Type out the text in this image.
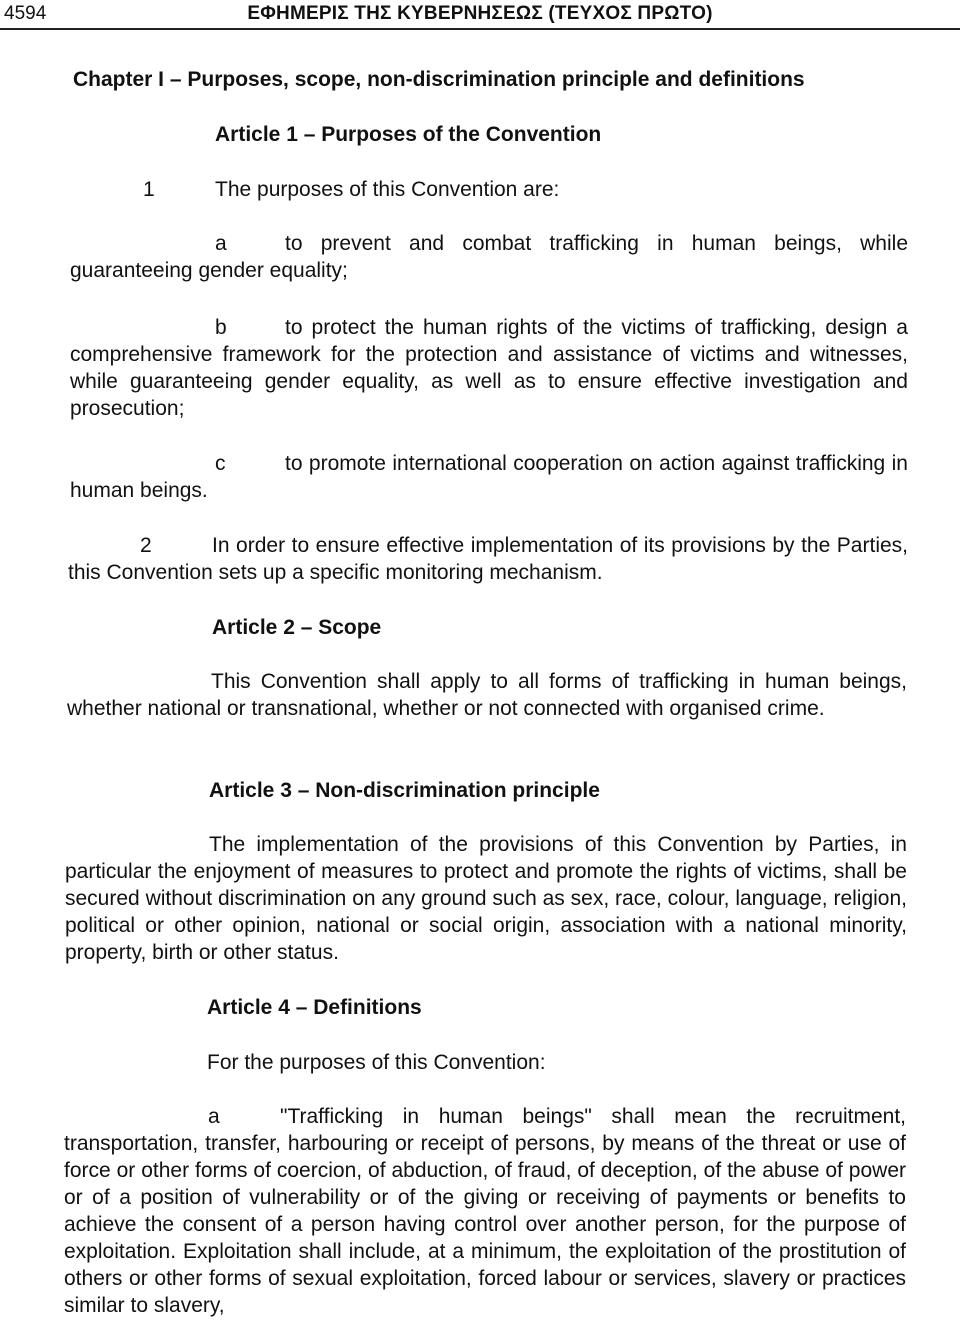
4594	ΕΦΗΜΕΡΙΣ ΤΗΣ ΚΥΒΕΡΝΗΣΕΩΣ (ΤΕΥΧΟΣ ΠΡΩΤΟ)
Chapter I – Purposes, scope, non-discrimination principle and definitions
Article 1 – Purposes of the Convention
1	The purposes of this Convention are:
a	to prevent and combat trafficking in human beings, while guaranteeing gender equality;
b	to protect the human rights of the victims of trafficking, design a comprehensive framework for the protection and assistance of victims and witnesses, while guaranteeing gender equality, as well as to ensure effective investigation and prosecution;
c	to promote international cooperation on action against trafficking in human beings.
2	In order to ensure effective implementation of its provisions by the Parties, this Convention sets up a specific monitoring mechanism.
Article 2 – Scope
This Convention shall apply to all forms of trafficking in human beings, whether national or transnational, whether or not connected with organised crime.
Article 3 – Non-discrimination principle
The implementation of the provisions of this Convention by Parties, in particular the enjoyment of measures to protect and promote the rights of victims, shall be secured without discrimination on any ground such as sex, race, colour, language, religion, political or other opinion, national or social origin, association with a national minority, property, birth or other status.
Article 4 – Definitions
For the purposes of this Convention:
a	"Trafficking in human beings" shall mean the recruitment, transportation, transfer, harbouring or receipt of persons, by means of the threat or use of force or other forms of coercion, of abduction, of fraud, of deception, of the abuse of power or of a position of vulnerability or of the giving or receiving of payments or benefits to achieve the consent of a person having control over another person, for the purpose of exploitation. Exploitation shall include, at a minimum, the exploitation of the prostitution of others or other forms of sexual exploitation, forced labour or services, slavery or practices similar to slavery,
